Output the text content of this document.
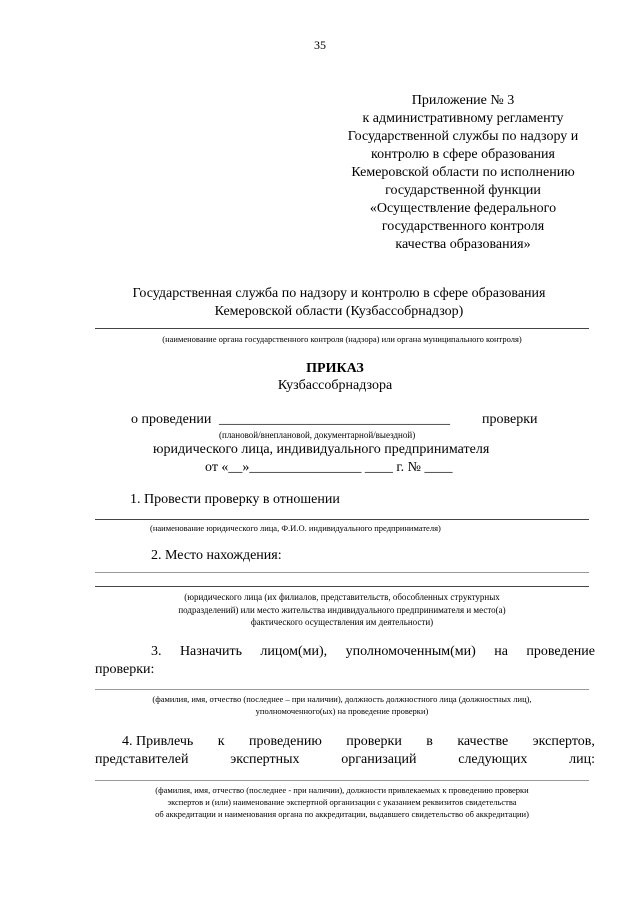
35
Приложение № 3
к административному регламенту
Государственной службы по надзору и
контролю в сфере образования
Кемеровской области по исполнению
государственной функции
«Осуществление федерального
государственного контроля
качества образования»
Государственная служба по надзору и контролю в сфере образования
Кемеровской области (Кузбассобрнадзор)
(наименование органа государственного контроля (надзора) или органа муниципального контроля)
ПРИКАЗ
Кузбассобрнадзора
о проведении _________________________________ проверки
(плановой/внеплановой, документарной/выездной)
юридического лица, индивидуального предпринимателя
от «__»________________ ____ г. № ____
1. Провести проверку в отношении
(наименование юридического лица, Ф.И.О. индивидуального предпринимателя)
2. Место нахождения:
(юридического лица (их филиалов, представительств, обособленных структурных
подразделений) или место жительства индивидуального предпринимателя и место(а)
фактического осуществления им деятельности)
3. Назначить лицом(ми), уполномоченным(ми) на проведение
проверки:
(фамилия, имя, отчество (последнее – при наличии), должность должностного лица (должностных лиц),
уполномоченного(ых) на проведение проверки)
4. Привлечь к проведению проверки в качестве экспертов,
представителей	экспертных	организаций	следующих	лиц:
(фамилия, имя, отчество (последнее - при наличии), должности привлекаемых к проведению проверки
экспертов и (или) наименование экспертной организации с указанием реквизитов свидетельства
об аккредитации и наименования органа по аккредитации, выдавшего свидетельство об аккредитации)
